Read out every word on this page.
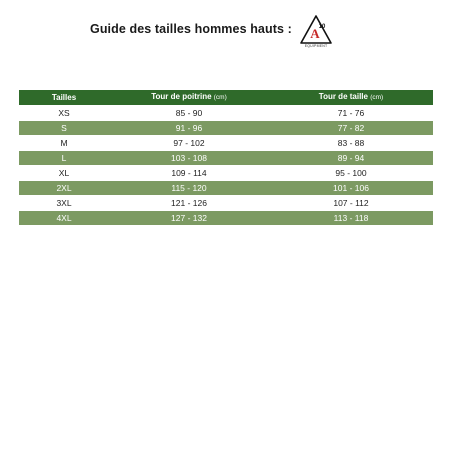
Guide des tailles hommes hauts : A
10
EQUIPMENT
Tailles	Tour de poitrine (cm)	Tour de taille (cm)
XS	85 - 90	71 - 76
S	91 - 96	77 - 82
M	97 - 102	83 - 88
L	103 - 108	89 - 94
XL	109 - 114	95 - 100
2XL	115 - 120	101 - 106
3XL	121 - 126	107 - 112
4XL	127 - 132	113 - 118
